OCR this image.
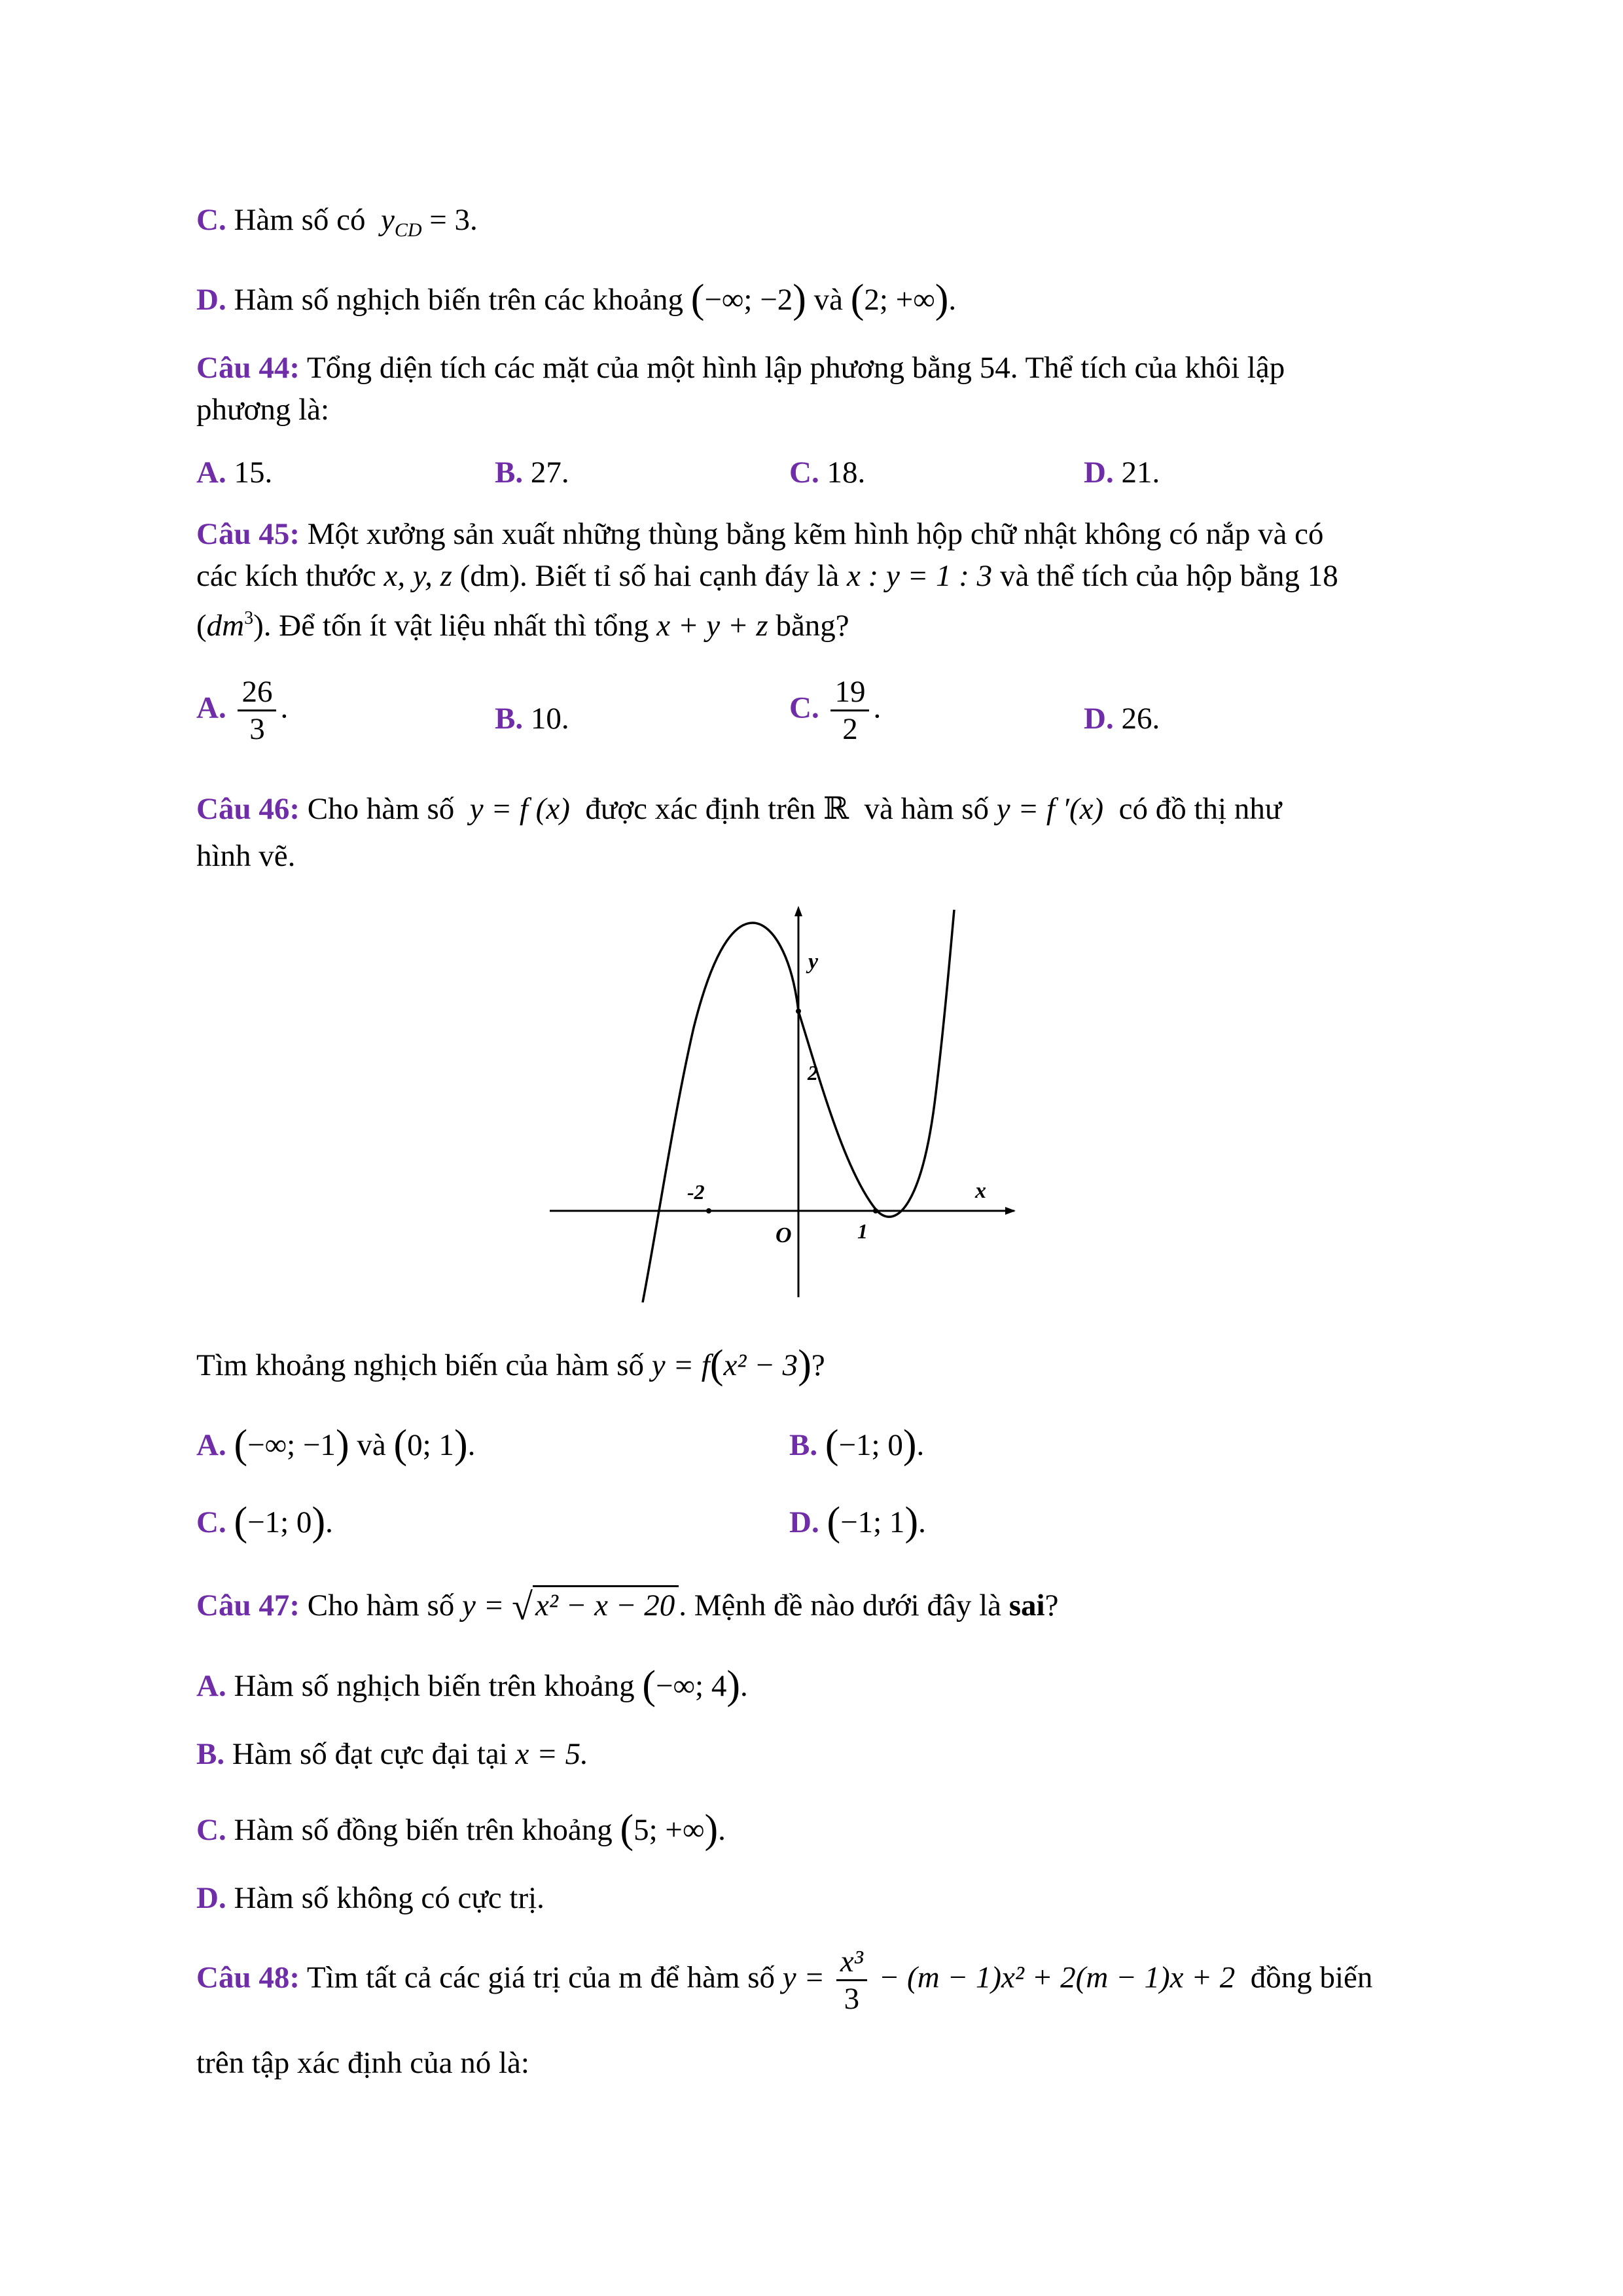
C. Hàm số có $y_{CD} = 3$.
D. Hàm số nghịch biến trên các khoảng (−∞; −2) và (2; +∞).
Câu 44: Tổng diện tích các mặt của một hình lập phương bằng 54. Thể tích của khôi lập
phương là:
A. 15.	B. 27.	C. 18.	D. 21.
Câu 45: Một xưởng sản xuất những thùng bằng kẽm hình hộp chữ nhật không có nắp và có
các kích thước x, y, z (dm). Biết tỉ số hai cạnh đáy là x : y = 1 : 3 và thể tích của hộp bằng 18
$(dm^3)$. Để tốn ít vật liệu nhất thì tổng x + y + z bằng?
A. $\frac{26}{3}$ .	B. 10.	C. $\frac{19}{2}$ .	D. 26.
Câu 46: Cho hàm số y = f (x) được xác định trên ℝ và hàm số y = f ′(x) có đồ thị như
hình vẽ.
y
x
O
2
-2
1
Tìm khoảng nghịch biến của hàm số y = f(x² − 3)?
A. (−∞; −1) và (0; 1).	B. (−1; 0).
C. (−1; 0).	D. (−1; 1).
Câu 47: Cho hàm số y = √x² − x − 20 . Mệnh đề nào dưới đây là sai?
A. Hàm số nghịch biến trên khoảng (−∞; 4).
B. Hàm số đạt cực đại tại x = 5.
C. Hàm số đồng biến trên khoảng (5; +∞).
D. Hàm số không có cực trị.
Câu 48: Tìm tất cả các giá trị của m để hàm số $y = \frac{\text{x³}}{3} - (m - 1)x^2 + 2(m - 1)x + 2$ đồng biến
trên tập xác định của nó là:
